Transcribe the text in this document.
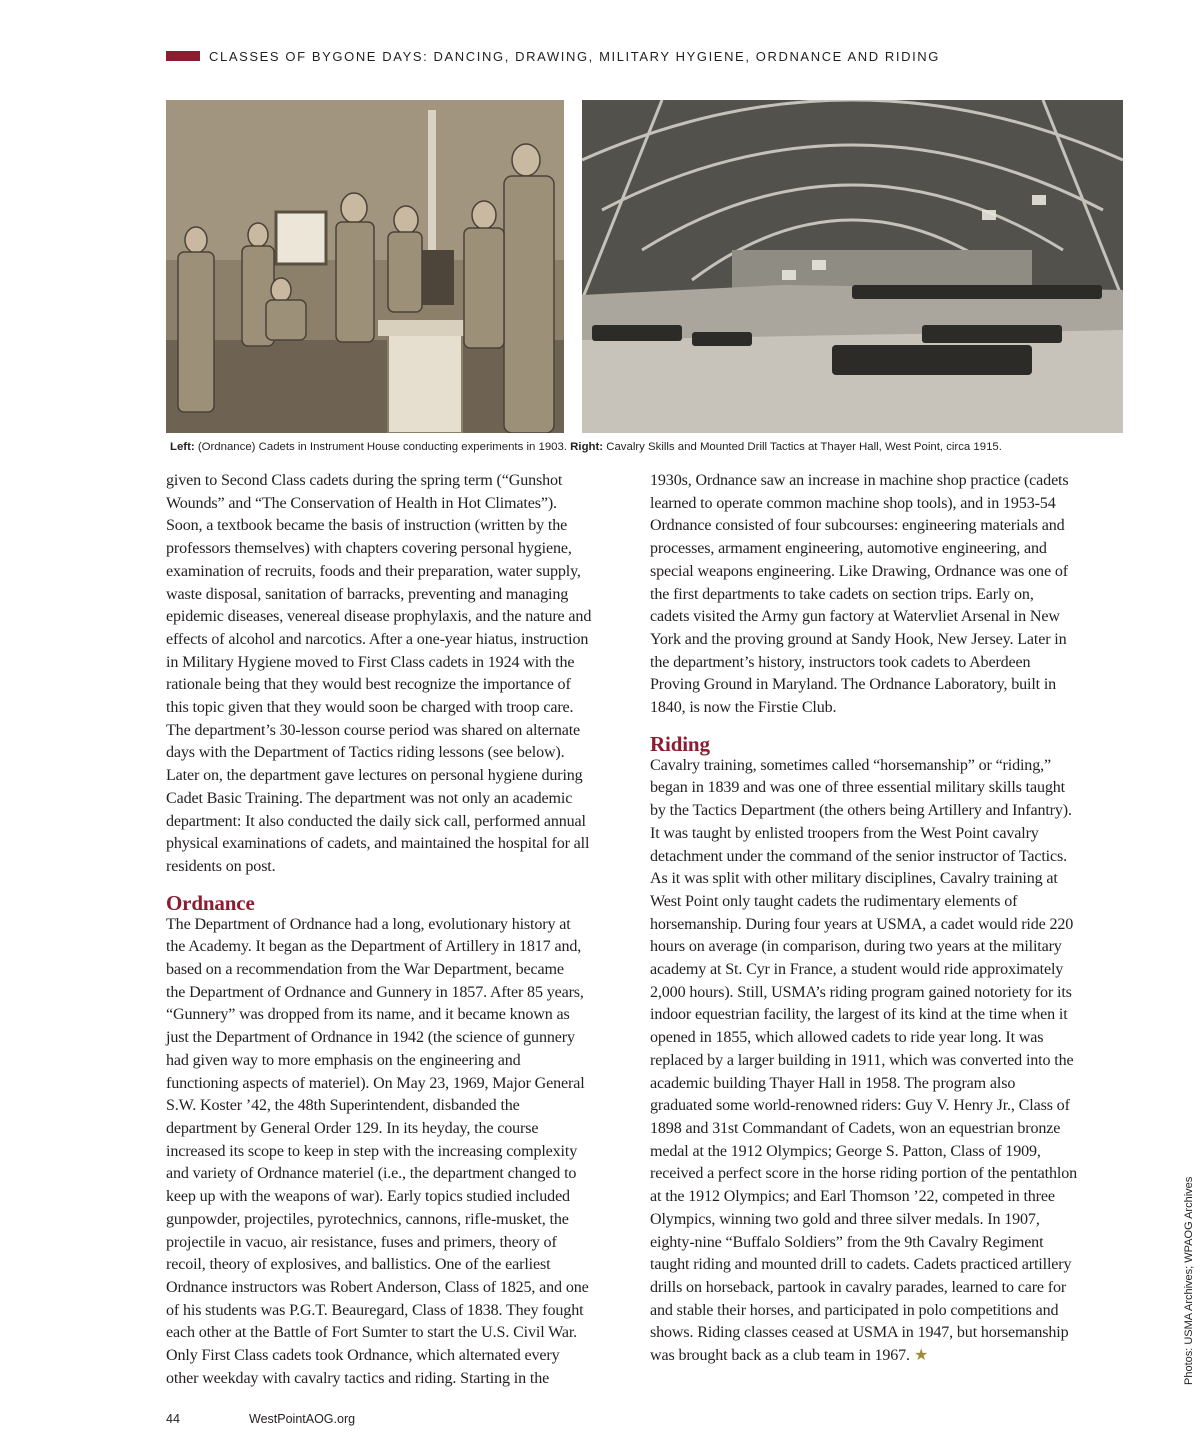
CLASSES OF BYGONE DAYS: DANCING, DRAWING, MILITARY HYGIENE, ORDNANCE AND RIDING
Left: (Ordnance) Cadets in Instrument House conducting experiments in 1903. Right: Cavalry Skills and Mounted Drill Tactics at Thayer Hall, West Point, circa 1915.

given to Second Class cadets during the spring term (“Gunshot
Wounds” and “The Conservation of Health in Hot Climates”).
Soon, a textbook became the basis of instruction (written by the
professors themselves) with chapters covering personal hygiene,
examination of recruits, foods and their preparation, water supply,
waste disposal, sanitation of barracks, preventing and managing
epidemic diseases, venereal disease prophylaxis, and the nature and
effects of alcohol and narcotics. After a one-year hiatus, instruction
in Military Hygiene moved to First Class cadets in 1924 with the
rationale being that they would best recognize the importance of
this topic given that they would soon be charged with troop care.
The department’s 30-lesson course period was shared on alternate
days with the Department of Tactics riding lessons (see below).
Later on, the department gave lectures on personal hygiene during
Cadet Basic Training. The department was not only an academic
department: It also conducted the daily sick call, performed annual
physical examinations of cadets, and maintained the hospital for all
residents on post.

Ordnance

The Department of Ordnance had a long, evolutionary history at
the Academy. It began as the Department of Artillery in 1817 and,
based on a recommendation from the War Department, became
the Department of Ordnance and Gunnery in 1857. After 85 years,
“Gunnery” was dropped from its name, and it became known as
just the Department of Ordnance in 1942 (the science of gunnery
had given way to more emphasis on the engineering and
functioning aspects of materiel). On May 23, 1969, Major General
S.W. Koster ’42, the 48th Superintendent, disbanded the
department by General Order 129. In its heyday, the course
increased its scope to keep in step with the increasing complexity
and variety of Ordnance materiel (i.e., the department changed to
keep up with the weapons of war). Early topics studied included
gunpowder, projectiles, pyrotechnics, cannons, rifle-musket, the
projectile in vacuo, air resistance, fuses and primers, theory of
recoil, theory of explosives, and ballistics. One of the earliest
Ordnance instructors was Robert Anderson, Class of 1825, and one
of his students was P.G.T. Beauregard, Class of 1838. They fought
each other at the Battle of Fort Sumter to start the U.S. Civil War.
Only First Class cadets took Ordnance, which alternated every
other weekday with cavalry tactics and riding. Starting in the

1930s, Ordnance saw an increase in machine shop practice (cadets
learned to operate common machine shop tools), and in 1953-54
Ordnance consisted of four subcourses: engineering materials and
processes, armament engineering, automotive engineering, and
special weapons engineering. Like Drawing, Ordnance was one of
the first departments to take cadets on section trips. Early on,
cadets visited the Army gun factory at Watervliet Arsenal in New
York and the proving ground at Sandy Hook, New Jersey. Later in
the department’s history, instructors took cadets to Aberdeen
Proving Ground in Maryland. The Ordnance Laboratory, built in
1840, is now the Firstie Club.

Riding

Cavalry training, sometimes called “horsemanship” or “riding,”
began in 1839 and was one of three essential military skills taught
by the Tactics Department (the others being Artillery and Infantry).
It was taught by enlisted troopers from the West Point cavalry
detachment under the command of the senior instructor of Tactics.
As it was split with other military disciplines, Cavalry training at
West Point only taught cadets the rudimentary elements of
horsemanship. During four years at USMA, a cadet would ride 220
hours on average (in comparison, during two years at the military
academy at St. Cyr in France, a student would ride approximately
2,000 hours). Still, USMA’s riding program gained notoriety for its
indoor equestrian facility, the largest of its kind at the time when it
opened in 1855, which allowed cadets to ride year long. It was
replaced by a larger building in 1911, which was converted into the
academic building Thayer Hall in 1958. The program also
graduated some world-renowned riders: Guy V. Henry Jr., Class of
1898 and 31st Commandant of Cadets, won an equestrian bronze
medal at the 1912 Olympics; George S. Patton, Class of 1909,
received a perfect score in the horse riding portion of the pentathlon
at the 1912 Olympics; and Earl Thomson ’22, competed in three
Olympics, winning two gold and three silver medals. In 1907,
eighty-nine “Buffalo Soldiers” from the 9th Cavalry Regiment
taught riding and mounted drill to cadets. Cadets practiced artillery
drills on horseback, partook in cavalry parades, learned to care for
and stable their horses, and participated in polo competitions and
shows. Riding classes ceased at USMA in 1947, but horsemanship
was brought back as a club team in 1967. ★

44	WestPointAOG.org
Photos: USMA Archives; WPAOG Archives
